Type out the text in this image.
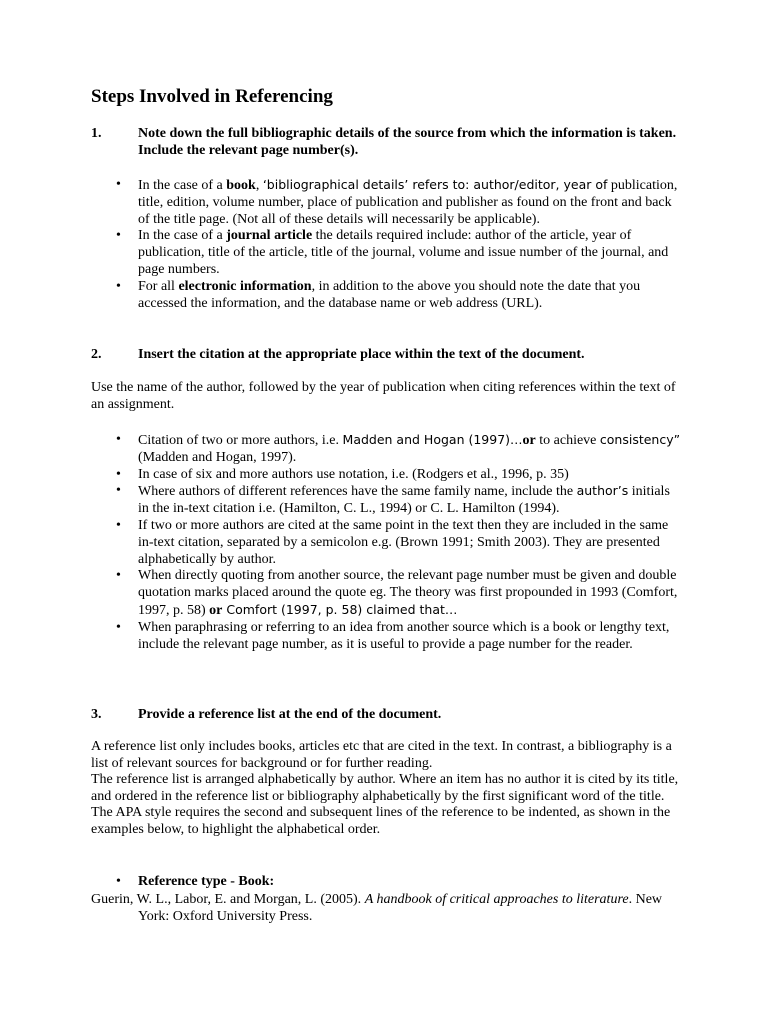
Steps Involved in Referencing
1.	Note down the full bibliographic details of the source from which the information is taken. Include the relevant page number(s).
• In the case of a book, ‘bibliographical details’ refers to: author/editor, year of publication, title, edition, volume number, place of publication and publisher as found on the front and back of the title page. (Not all of these details will necessarily be applicable).
• In the case of a journal article the details required include: author of the article, year of publication, title of the article, title of the journal, volume and issue number of the journal, and page numbers.
• For all electronic information, in addition to the above you should note the date that you accessed the information, and the database name or web address (URL).
2.	Insert the citation at the appropriate place within the text of the document.
Use the name of the author, followed by the year of publication when citing references within the text of an assignment.
• Citation of two or more authors, i.e. Madden and Hogan (1997)…or to achieve consistency” (Madden and Hogan, 1997).
• In case of six and more authors use notation, i.e. (Rodgers et al., 1996, p. 35)
• Where authors of different references have the same family name, include the author’s initials in the in-text citation i.e. (Hamilton, C. L., 1994) or C. L. Hamilton (1994).
• If two or more authors are cited at the same point in the text then they are included in the same in-text citation, separated by a semicolon e.g. (Brown 1991; Smith 2003). They are presented alphabetically by author.
• When directly quoting from another source, the relevant page number must be given and double quotation marks placed around the quote eg. The theory was first propounded in 1993 (Comfort, 1997, p. 58) or Comfort (1997, p. 58) claimed that…
• When paraphrasing or referring to an idea from another source which is a book or lengthy text, include the relevant page number, as it is useful to provide a page number for the reader.
3.	Provide a reference list at the end of the document.
A reference list only includes books, articles etc that are cited in the text. In contrast, a bibliography is a list of relevant sources for background or for further reading.
The reference list is arranged alphabetically by author. Where an item has no author it is cited by its title, and ordered in the reference list or bibliography alphabetically by the first significant word of the title.
The APA style requires the second and subsequent lines of the reference to be indented, as shown in the examples below, to highlight the alphabetical order.
• Reference type - Book:
Guerin, W. L., Labor, E. and Morgan, L. (2005). A handbook of critical approaches to literature. New York: Oxford University Press.
